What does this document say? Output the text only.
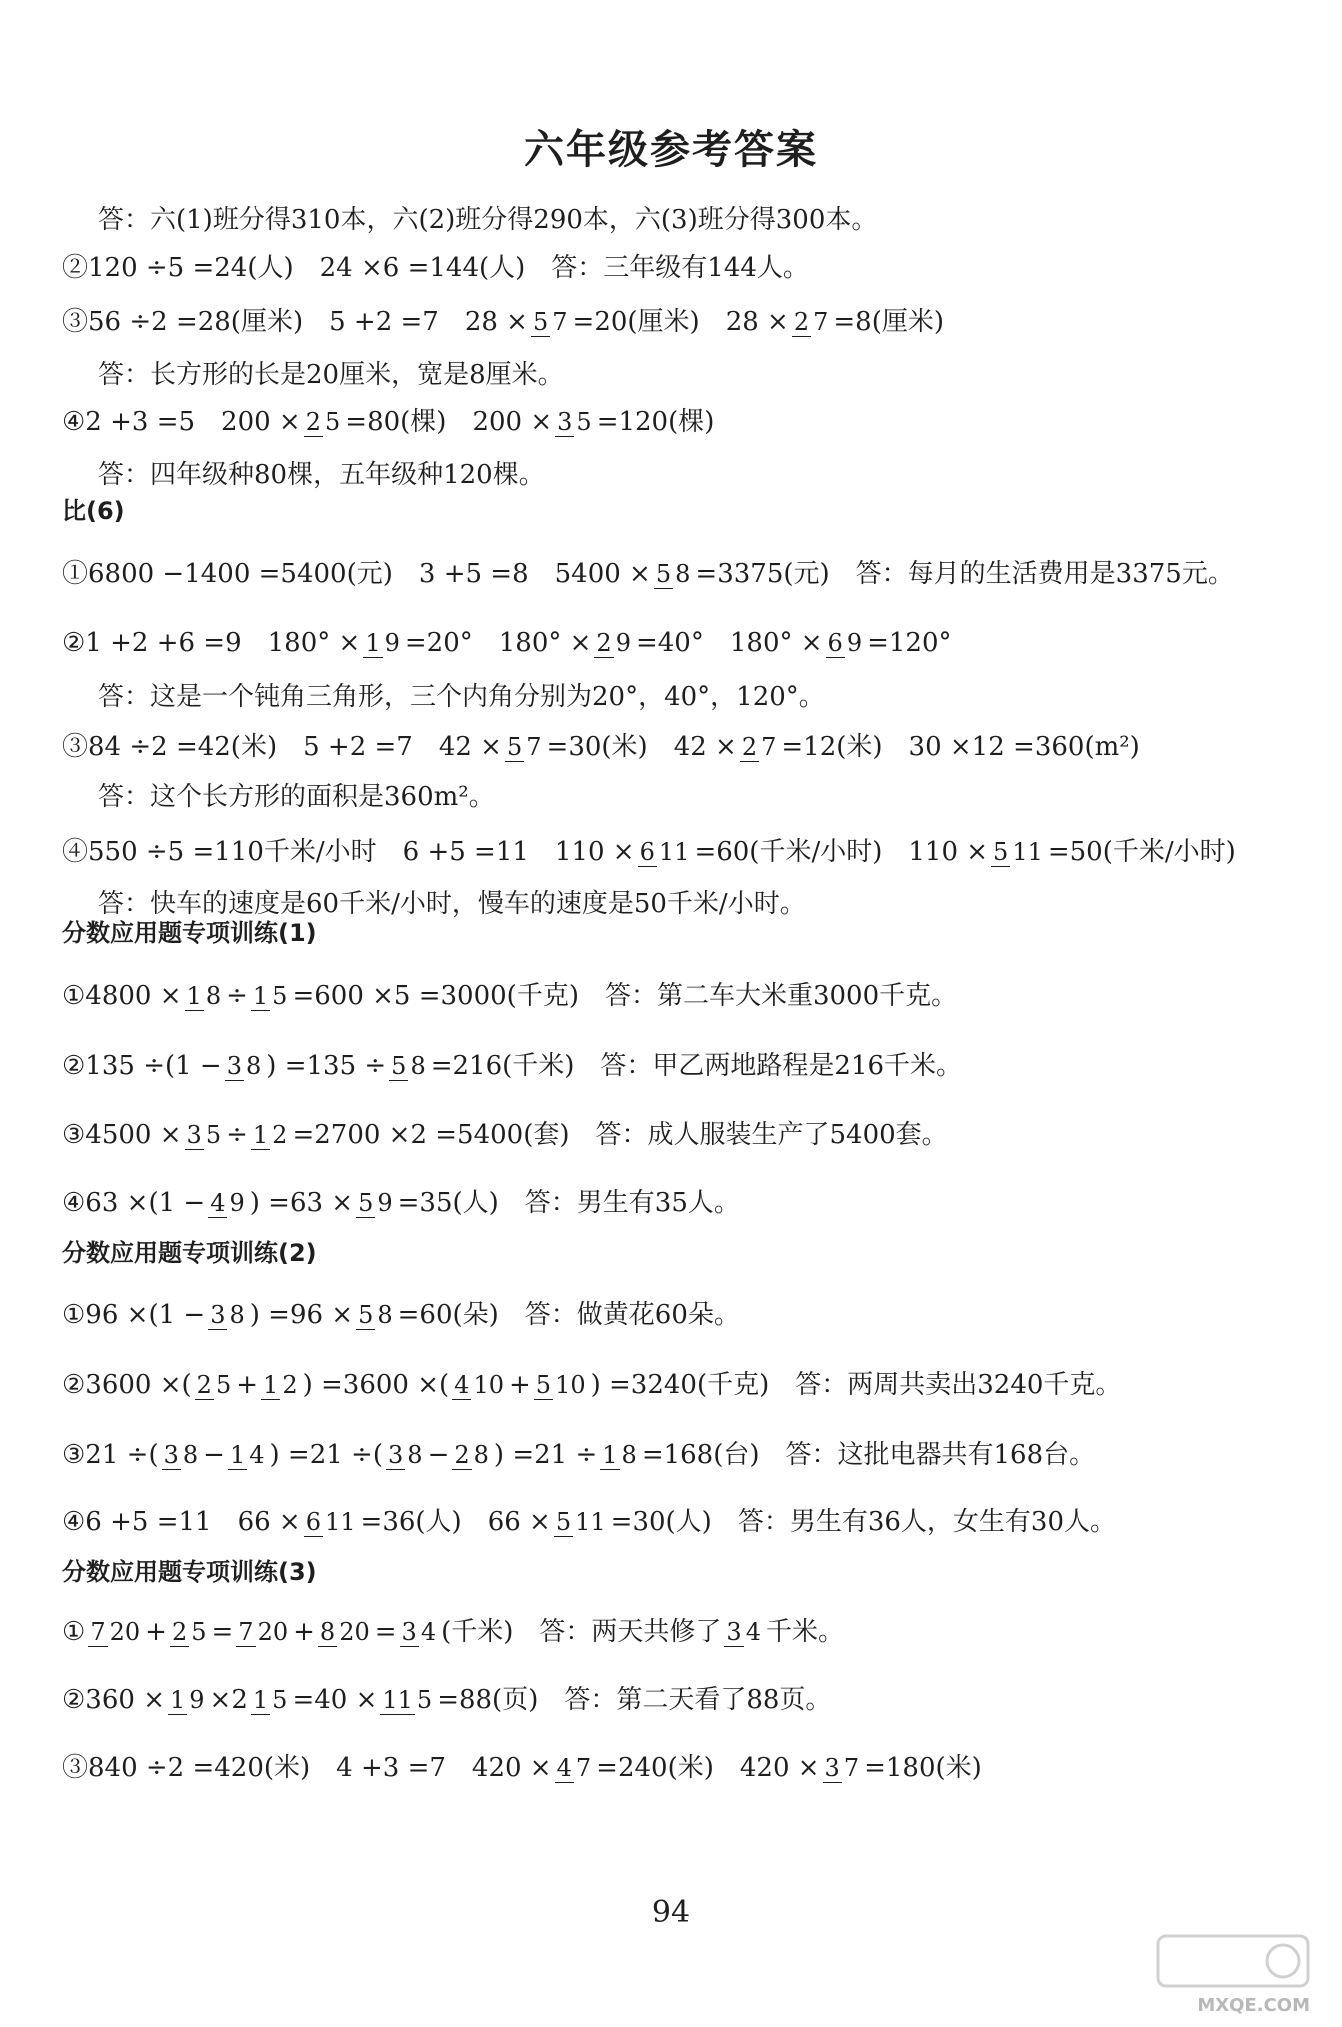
六年级参考答案
答：六(1)班分得310本，六(2)班分得290本，六(3)班分得300本。
②120 ÷5 =24(人)　24 ×6 =144(人)　答：三年级有144人。
③56 ÷2 =28(厘米)　5 +2 =7　28 × 5 7 =20(厘米)　28 × 2 7 =8(厘米)
答：长方形的长是20厘米，宽是8厘米。
④2 +3 =5　200 × 2 5 =80(棵)　200 × 3 5 =120(棵)
答：四年级种80棵，五年级种120棵。
比(6)
①6800 −1400 =5400(元)　3 +5 =8　5400 × 5 8 =3375(元)　答：每月的生活费用是3375元。
②1 +2 +6 =9　180° × 1 9 =20°　180° × 2 9 =40°　180° × 6 9 =120°
答：这是一个钝角三角形，三个内角分别为20°，40°，120°。
③84 ÷2 =42(米)　5 +2 =7　42 × 5 7 =30(米)　42 × 2 7 =12(米)　30 ×12 =360(m²)
答：这个长方形的面积是360m²。
④550 ÷5 =110千米/小时　6 +5 =11　110 × 6 11 =60(千米/小时)　110 × 5 11 =50(千米/小时)
答：快车的速度是60千米/小时，慢车的速度是50千米/小时。
分数应用题专项训练(1)
①4800 × 1 8 ÷ 1 5 =600 ×5 =3000(千克)　答：第二车大米重3000千克。
②135 ÷(1 − 3 8 ) =135 ÷ 5 8 =216(千米)　答：甲乙两地路程是216千米。
③4500 × 3 5 ÷ 1 2 =2700 ×2 =5400(套)　答：成人服装生产了5400套。
④63 ×(1 − 4 9 ) =63 × 5 9 =35(人)　答：男生有35人。
分数应用题专项训练(2)
①96 ×(1 − 3 8 ) =96 × 5 8 =60(朵)　答：做黄花60朵。
②3600 ×( 2 5 + 1 2 ) =3600 ×( 4 10 + 5 10 ) =3240(千克)　答：两周共卖出3240千克。
③21 ÷( 3 8 − 1 4 ) =21 ÷( 3 8 − 2 8 ) =21 ÷ 1 8 =168(台)　答：这批电器共有168台。
④6 +5 =11　66 × 6 11 =36(人)　66 × 5 11 =30(人)　答：男生有36人，女生有30人。
分数应用题专项训练(3)
① 7 20 + 2 5 = 7 20 + 8 20 = 3 4 (千米)　答：两天共修了 3 4 千米。
②360 × 1 9 ×2 1 5 =40 × 11 5 =88(页)　答：第二天看了88页。
③840 ÷2 =420(米)　4 +3 =7　420 × 4 7 =240(米)　420 × 3 7 =180(米)
94
MXQE.COM
